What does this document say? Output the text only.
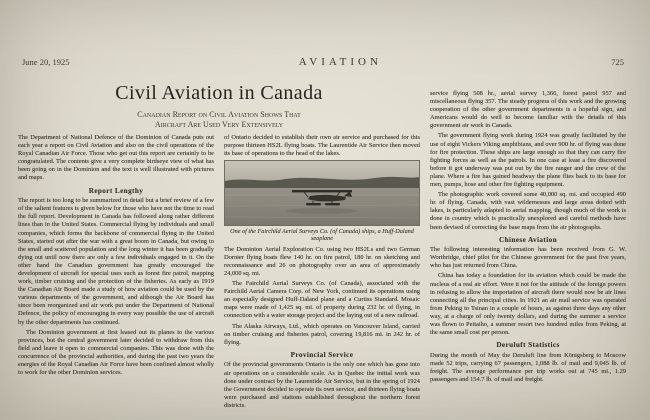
June 20, 1925	AVIATION	725
Civil Aviation in Canada
Canadian Report on Civil Aviation Shows That
Aircraft Are Used Very Extensively

The Department of National Defence of the Dominion of Canada puts out each year a report on Civil Aviation and also on the civil operations of the Royal Canadian Air Force. Those who get out this report are certainly to be congratulated. The contents give a very complete birdseye view of what has been going on in the Dominion and the text is well illustrated with pictures and maps.

Report Lengthy

The report is too long to be summarized in detail but a brief review of a few of the salient features is given below for those who have not the time to read the full report. Development in Canada has followed along rather different lines than in the United States. Commercial flying by individuals and small companies, which forms the backbone of commercial flying in the United States, started out after the war with a great boom in Canada, but owing to the small and scattered population and the long winter it has been gradually dying out until now there are only a few individuals engaged in it. On the other hand the Canadian government has greatly encouraged the development of aircraft for special uses such as forest fire patrol, mapping work, timber cruising and the protection of the fisheries. As early as 1919 the Canadian Air Board made a study of how aviation could be used by the various departments of the government, and although the Air Board has since been reorganized and air work put under the Department of National Defence, the policy of encouraging in every way possible the use of aircraft by the other departments has continued.

The Dominion government at first leased out its planes to the various provinces, but the central government later decided to withdraw from this field and leave it open to commercial companies. This was done with the concurrence of the provincial authorities, and during the past two years the energies of the Royal Canadian Air Force have been confined almost wholly to work for the other Dominion services.

of Ontario decided to establish their own air service and purchased for this purpose thirteen HS2L flying boats. The Laurentide Air Service then moved its base of operations to the head of the lakes.

One of the Fairchild Aerial Surveys Co. (of Canada) ships, a Huff-Daland seaplane

The Dominion Aerial Exploration Co. using two HS2Ls and two German Dornier flying boats flew 140 hr. on fire patrol, 180 hr. on sketching and reconnaissance and 26 on photography over an area of approximately 24,000 sq. mi.

The Fairchild Aerial Surveys Co. (of Canada), associated with the Fairchild Aerial Camera Corp. of New York, continued its operations using an especially designed Huff-Daland plane and a Curtiss Standard. Mosaic maps were made of 1,425 sq. mi. of property during 232 hr. of flying, in connection with a water storage project and the laying out of a new railroad.

The Alaska Airways, Ltd., which operates on Vancouver Island, carried on timber cruising and fisheries patrol, covering 19,816 mi. in 242 hr. of flying.

Provincial Service

Of the provincial governments Ontario is the only one which has gone into air operations on a considerable scale. As in Quebec the initial work was done under contract by the Laurentide Air Service, but in the spring of 1924 the Government decided to operate its own service, and thirteen flying boats were purchased and stations established throughout the northern forest districts.

service flying 508 hr., aerial survey 1,366, forest patrol 957 and miscellaneous flying 357. The steady progress of this work and the growing cooperation of the other government departments is a hopeful sign, and Americans would do well to become familiar with the details of this government air work in Canada.

The government flying work during 1924 was greatly facilitated by the use of eight Vickers Viking amphibians, and over 900 hr. of flying was done for fire protection. These ships are large enough so that they can carry fire fighting forces as well as the patrols. In one case at least a fire discovered before it got underway was put out by the fire ranger and the crew of the plane. Where a fire has gained headway the plane flies back to its base for men, pumps, hose and other fire fighting equipment.

The photographic work covered some 40,000 sq. mi. and occupied 490 hr. of flying. Canada, with vast wildernesses and large areas dotted with lakes, is particularly adapted to aerial mapping, though much of the work is done in country which is practically unexplored and careful methods have been devised of correcting the base maps from the air photographs.

Chinese Aviation

The following interesting information has been received from G. W. Worthridge, chief pilot for the Chinese government for the past five years, who has just returned from China.

China has today a foundation for its aviation which could be made the nucleus of a real air effort. Were it not for the attitude of the foreign powers in refusing to allow the importation of aircraft there would now be air lines connecting all the principal cities. In 1921 an air mail service was operated from Peking to Tsinan in a couple of hours, as against three days any other way, at a charge of only twenty dollars, and during the summer a service was flown to Peitaiho, a summer resort two hundred miles from Peking, at the same small cost per person.

Deruluft Statistics

During the month of May the Deruluft line from Königsberg to Moscow made 52 trips, carrying 67 passengers, 1,088 lb. of mail and 9,045 lb. of freight. The average performance per trip works out at 745 mi., 1.29 passengers and 154.7 lb. of mail and freight.
